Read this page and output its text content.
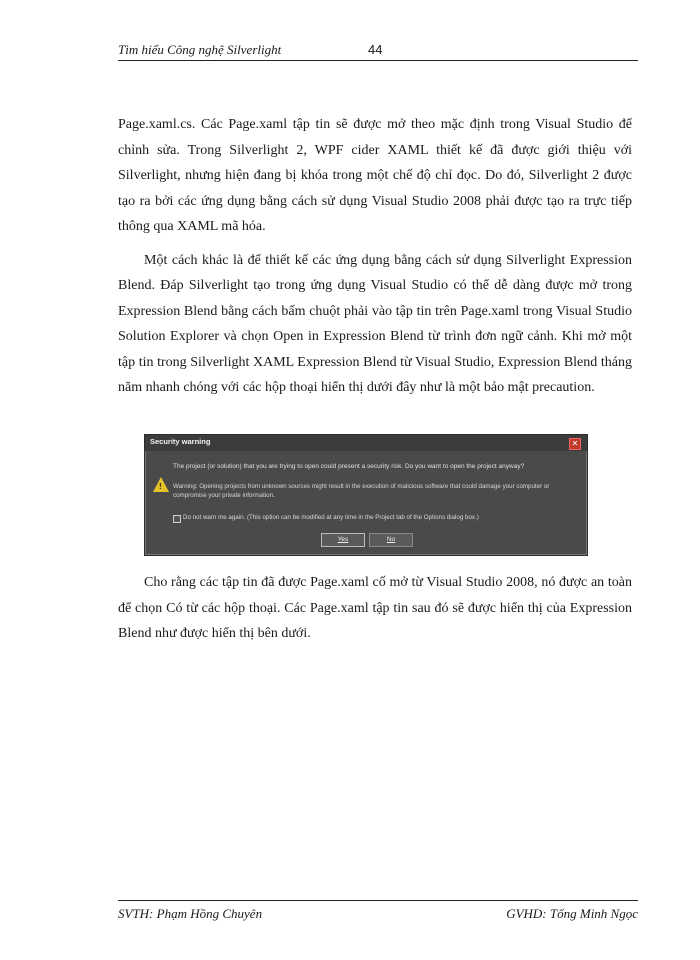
Tìm hiểu Công nghệ Silverlight	44

Page.xaml.cs. Các Page.xaml tập tin sẽ được mở theo mặc định trong Visual Studio để chỉnh sửa. Trong Silverlight 2, WPF cider XAML thiết kế đã được giới thiệu với Silverlight, nhưng hiện đang bị khóa trong một chế độ chỉ đọc. Do đó, Silverlight 2 được tạo ra bởi các ứng dụng bằng cách sử dụng Visual Studio 2008 phải được tạo ra trực tiếp thông qua XAML mã hóa.

Một cách khác là để thiết kế các ứng dụng bằng cách sử dụng Silverlight Expression Blend. Đáp Silverlight tạo trong ứng dụng Visual Studio có thể dễ dàng được mở trong Expression Blend bằng cách bấm chuột phải vào tập tin trên Page.xaml trong Visual Studio Solution Explorer và chọn Open in Expression Blend từ trình đơn ngữ cảnh. Khi mở một tập tin trong Silverlight XAML Expression Blend từ Visual Studio, Expression Blend tháng năm nhanh chóng với các hộp thoại hiển thị dưới đây như là một bảo mật precaution.

Security warning	✕
The project (or solution) that you are trying to open could present a security risk. Do you want to open the project anyway?
! Warning: Opening projects from unknown sources might result in the execution of malicious software that could damage your computer or compromise your private information.
Do not warn me again. (This option can be modified at any time in the Project tab of the Options dialog box.)
Yes	No

Cho rằng các tập tin đã được Page.xaml cố mở từ Visual Studio 2008, nó được an toàn để chọn Có từ các hộp thoại. Các Page.xaml tập tin sau đó sẽ được hiển thị của Expression Blend như được hiển thị bên dưới.

SVTH: Phạm Hồng Chuyên	GVHD: Tống Minh Ngọc
